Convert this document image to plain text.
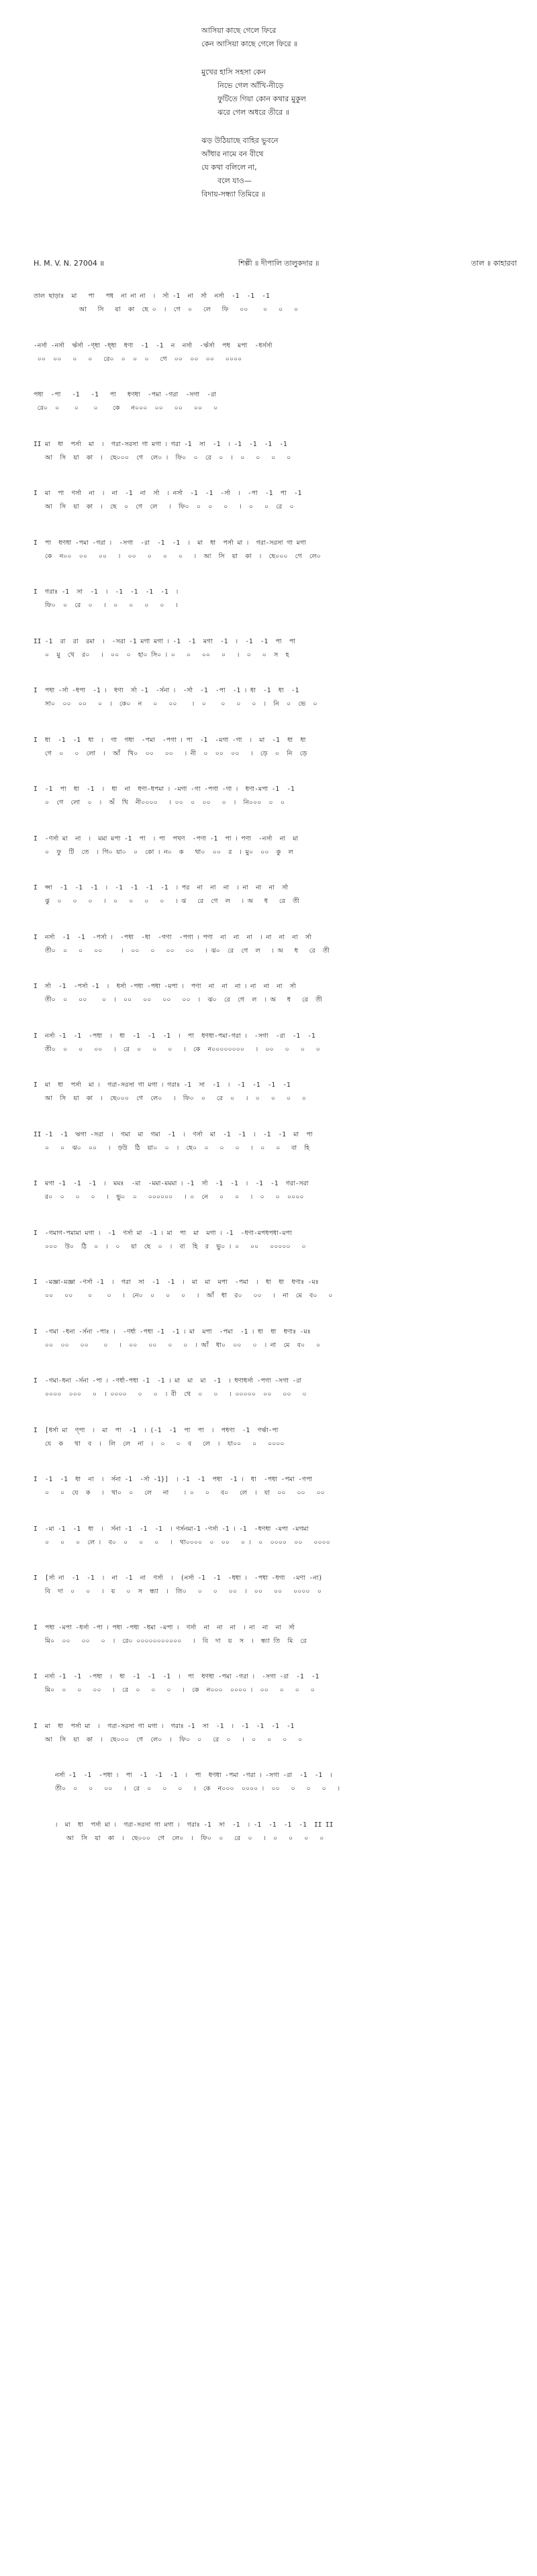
আসিয়া কাছে গেলে ফিরে
কেন আসিয়া কাছে গেলে ফিরে ॥
মুখের হাসি সহসা কেন
নিভে গেল আঁখি-নীড়ে
ফুটিতে গিয়া কোন কথার মুকুল
ঝরে গেল অধরে তীরে ॥
ঝড় উঠিয়াছে বাহির ভুবনে
আঁধার নামে বন বীথে
যে কথা বলিলে না,
বলে যাও—
বিদায়-সন্ধ্যা তিমিরে ॥
H. M. V. N. 27004 ॥	শিল্পী ॥ দীপালি তালুকদার ॥	তাল ॥ কাহারবা
তাল ছাড়াঃ  মা   পা   পধ  না না না  ।  র্সা -1  না  র্সা  নর্সা  -1  -1  -1
আ   সি   য়া  কা  ছে ০  ।  গে  ০   লে   ফি   ০০    ০   ০   ০
-নর্সা -নর্সা  র্ঋর্সা -ণ্ধা -ধ্ধা  ধণা  -1  -1  ন  নর্সা  -র্ঋর্সা  পধ  মপা  -ধর্সর্সা
০০  ০০   ০   ০   রে০  ০  ০  ০   গে  ০০  ০০  ০০   ০০০০
পধা  -পা   -1   -1   পা   ধণধা  -পমা -গরা  -সগা  -রা
রে০  ০    ০    ০    কে   ন০০০  ০০   ০০   ০০   ০
II মা  ধা  পর্সা  মা  ।  গরা-সরসা গা মগা । গরা -1  সা  -1  । -1  -1  -1  -1
আ  সি  য়া  কা  ।  ছে০০০  গে  লে০ ।  ফি০  ০  রে  ০  ।  ০   ০   ০   ০
I  মা  পা  ণর্সা  না  ।  না  -1  না  র্সা  । নর্সা  -1  -1  -র্সা  ।  -পা  -1  পা  -1
আ  সি  য়া  কা  ।  ছে  ০  গে  লে   ।  ফি০  ০  ০   ০   ।  ০   ০  রে  ০
I  পা  ধণধা -পমা -গরা ।  -সগা  -রা  -1  -1  ।  মা  ধা  পর্সা মা ।  গরা-সরসা গা মগা
কে  ন০০  ০০   ০০   ।  ০০   ০   ০   ০   ।  আ  সি  য়া  কা  ।  ছে০০০  গে  লে০
I  গরাঃ -1  সা  -1  ।  -1  -1  -1  -1  ।
ফি০  ০  রে  ০   ।  ০   ০   ০   ০   ।
II -1  রা  রা  রমা  ।  -সরা -1 মগা মগা । -1  -1  মগা  -1  ।  -1  -1  পা  পা
০  মু  খে  র০   ।  ০০  ০  হা০ সি০ । ০   ০   ০০   ০   ।  ০   ০  স  হ
I  পধা -র্সা -ধপা  -1 ।  ধণা  র্সা -1  -র্সনা ।  -র্সা  -1  -পা  -1 । ধা  -1  ধা  -1
সা০  ০০  ০০   ০  ।  কে০  ন   ০   ০০    ।  ০    ০   ০   ০  ।  নি  ০  ভে  ০
I  ধা  -1  -1  ধা  ।  গা  গধা  -পমা  -পগা । পা  -1  -মগা -গা  ।  মা  -1  ধা  ধা
গে  ০   ০  লো  ।  আঁ  খি০  ০০   ০০   । নী  ০  ০০  ০০   ।  ড়ে  ০  নি  ড়ে
I  -1  পা  ধা  -1  ।  ধা  না  ধণা-ধপমা । -মগা -গা -পগা -গা ।  ধণা-মপা -1  -1
০  গে  লো  ০  ।  অঁ  খি  নী০০০০   । ০০  ০  ০০   ০  ।  নি০০০  ০  ০
I  -ণর্সা মা  না  ।  মমা মপা -1  পা  । পা  পখণ  -পণা -1  পা । পণা  -নর্সা  না  মা
০  ফু  টি  তে  । গি০ য়া০  ০  কো । ন০  ক   থা০  ০০  র  । মু০  ০০  কু  ল
I  প্সা  -1  -1  -1  ।  -1  -1  -1  -1  । পর  না  না  না  । না  না  না  র্সা
ঝু  ০   ০   ০   ।  ০   ০   ০   ০   । ঝ   রে  গে  ল   । অ   ধ   রে  তী
I  নর্সা  -1  -1  -পর্সা ।  -পধা  -ধা  -গণা  -পগা । পণা  না  না  না  । না  না  না  র্সা
তী০  ০   ০   ০০     ।  ০০   ০   ০০   ০০   । ঝ০  রে  গে  ল   । অ   ধ   রে  তী
I  র্সা  -1  -পর্সা -1  ।  ধর্সা -পধা -পধা -মপা ।  পণা  না  না  না । না  না  না  র্সা
তী০  ০   ০০    ০  ।  ০০   ০০   ০০   ০০  ।  ঝ০  রে  গে  ল  । অ   ধ   রে  তী
I  নর্সা -1  -1  -পধা  ।  ধা  -1  -1  -1  ।  পা  ধণধা-পমা-গরা ।  -সগা  -রা  -1  -1
তী০  ০   ০   ০০   ।  রে  ০   ০   ০   ।  কে  ন০০০০০০০০   ।  ০০   ০   ০   ০
I  মা  ধা  পর্সা  মা ।  গরা-সরসা গা মগা । গরাঃ -1  সা  -1  ।  -1  -1  -1  -1
আ  সি  য়া  কা  ।  ছে০০০  গে  লে০   ।  ফি০  ০   রে  ০   ।  ০   ০   ০   ০
II -1  -1  ঋগা -সরা  ।  গমা  মা  গমা  -1  ।  ণর্সা  মা  -1  -1  ।  -1  -1  মা  পা
০   ০  ঝ০  ০০   ।  ড়উ  ঠি  য়া০  ০  ।  ছে০  ০   ০   ০   ।  ০   ০   বা  হি
I  মগা -1  -1  -1  ।  মমঃ  -মা  -মমা-মমমা । -1  র্সা  -1  -1  ।  -1  -1  গরা-সরা
র০  ০   ০   ০   ।  ভু০  ০   ০০০০০০   । ০  নে   ০   ০   ।  ০   ০  ০০০০
I  -গমাগ-পমামা মগা ।  -1  ণর্সা মা  -1 । মা  পা  মা  মগা । -1  -ধণা-মপধপধা-মপা
০০০  উ০  ঠি  ০  ।  ০   য়া  ছে  ০  ।  বা  হি  র  ভু০ । ০   ০০   ০০০০০   ০
I  -মজ্ঞা-মজ্ঞা -ণর্সা -1  ।  গরা  সা  -1  -1  ।  মা  মা  মপা  -পমা  ।  ধা  ধা  ধণাঃ -মঃ
০০   ০০    ০    ০   ।  নে০  ০   ০   ০   ।  আঁ  ধা  র০   ০০   ।  না  মে  ব০   ০
I  -গমা -ধনা -র্সনা -পাঃ ।  -ণর্ধা -পধা -1  -1 । মা  মপা  -পমা  -1 । ধা  ধা  ধণাঃ -মঃ
০০  ০০   ০০    ০   ।  ০০   ০০   ০   ০  । আঁ  ধা০  ০০   ০  । না  মে  ব০   ০
I  -গমা-ধনা -র্সনা -পা । -ণর্ধা-পধা -1  -1 । মা  মা  মা  -1  । ধণাধর্সা -পগা -সগা -রা
০০০০  ০০০   ০  । ০০০০   ০   ০  । বী  থে  ০   ০   । ০০০০০  ০০   ০০   ০
I  [ধর্সা মা  ণ্পা  ।  মা  পা  -1  । (-1  -1  পা  পা  ।  পধণা  -1  ণর্ঋা-পা
যে  ক   থা  ব  ।  লি  লে  না  ।  ০   ০  ব   লে  ।  যা০০   ০   ০০০০
I  -1  -1  ধা  না  ।  র্সনা -1  -র্সা -1}]  । -1  -1  পধা  -1 ।  ধা  -পধা -পমা -গপা
০   ০  যে  ক   ।  থা০  ০   লে   না    । ০   ০   ব০   লে  ।  যা  ০০   ০০   ০০
I  -মা -1  -1  ধা  ।  র্সনা -1  -1  -1  । ণর্সনমা-1 -ণর্সা -1 । -1  -ধণধা -মপা -মগমা
০   ০   ০  লে ।  ব০  ০   ০   ০   ।  থা০০০০  ০  ০০   ০ ।  ০  ০০০০  ০০   ০০০০
I  [র্সা না  -1  -1  ।  না  -1  না  ণর্সা  ।  (নর্সা -1  -1  -ধধা ।  -পধা -ধগা  -মণা -না)
বি  দা  ০   ০   ।  য়   ০  স  ন্ধ্যা  ।  তি০   ০   ০   ০০  ।  ০০   ০০   ০০০০  ০
I  পধা -মপা -ধর্সা -পা । পধা -পধা -ধমা -মপা ।  ণর্সা  না  না  না  । না  না  না  র্সা
মি০  ০০   ০০   ০  ।  রে০ ০০০০০০০০০০০   ।  বি  দা  য়  স  ।  ন্ধ্যা তি  মি  রে
I  নর্সা -1  -1  -পধা  ।  ধা  -1  -1  -1  ।  পা  ধণধা -পমা -গরা ।  -সগা -রা  -1  -1
মি০  ০   ০   ০০   ।  রে  ০   ০   ০   ।  কে  ন০০০  ০০০০ ।  ০০   ০   ০   ০
I  মা  ধা  পর্সা মা  ।  গরা-সরসা গা মগা ।  গরাঃ -1  সা  -1  ।  -1  -1  -1  -1
আ  সি  য়া  কা  ।  ছে০০০  গে  লে০  ।  ফি০  ০   রে  ০   ।  ০   ০   ০   ০
নর্সা -1  -1  -পধা ।  পা  -1  -1  -1  ।  পা  ধণধা -পমা -গরা । -সগা -রা  -1  -1  ।
তী০  ০   ০   ০০   ।  রে  ০   ০   ০   ।  কে  ন০০০  ০০০০ ।  ০০   ০   ০   ০   ।
।  মা  ধা  পর্সা মা ।  গরা-সরসা গা মগা ।  গরাঃ -1  সা  -1  । -1  -1  -1  -1  II II
আ  সি  য়া  কা  ।  ছে০০০  গে  লে০  ।  ফি০  ০   রে  ০   ।  ০   ০   ০   ০
